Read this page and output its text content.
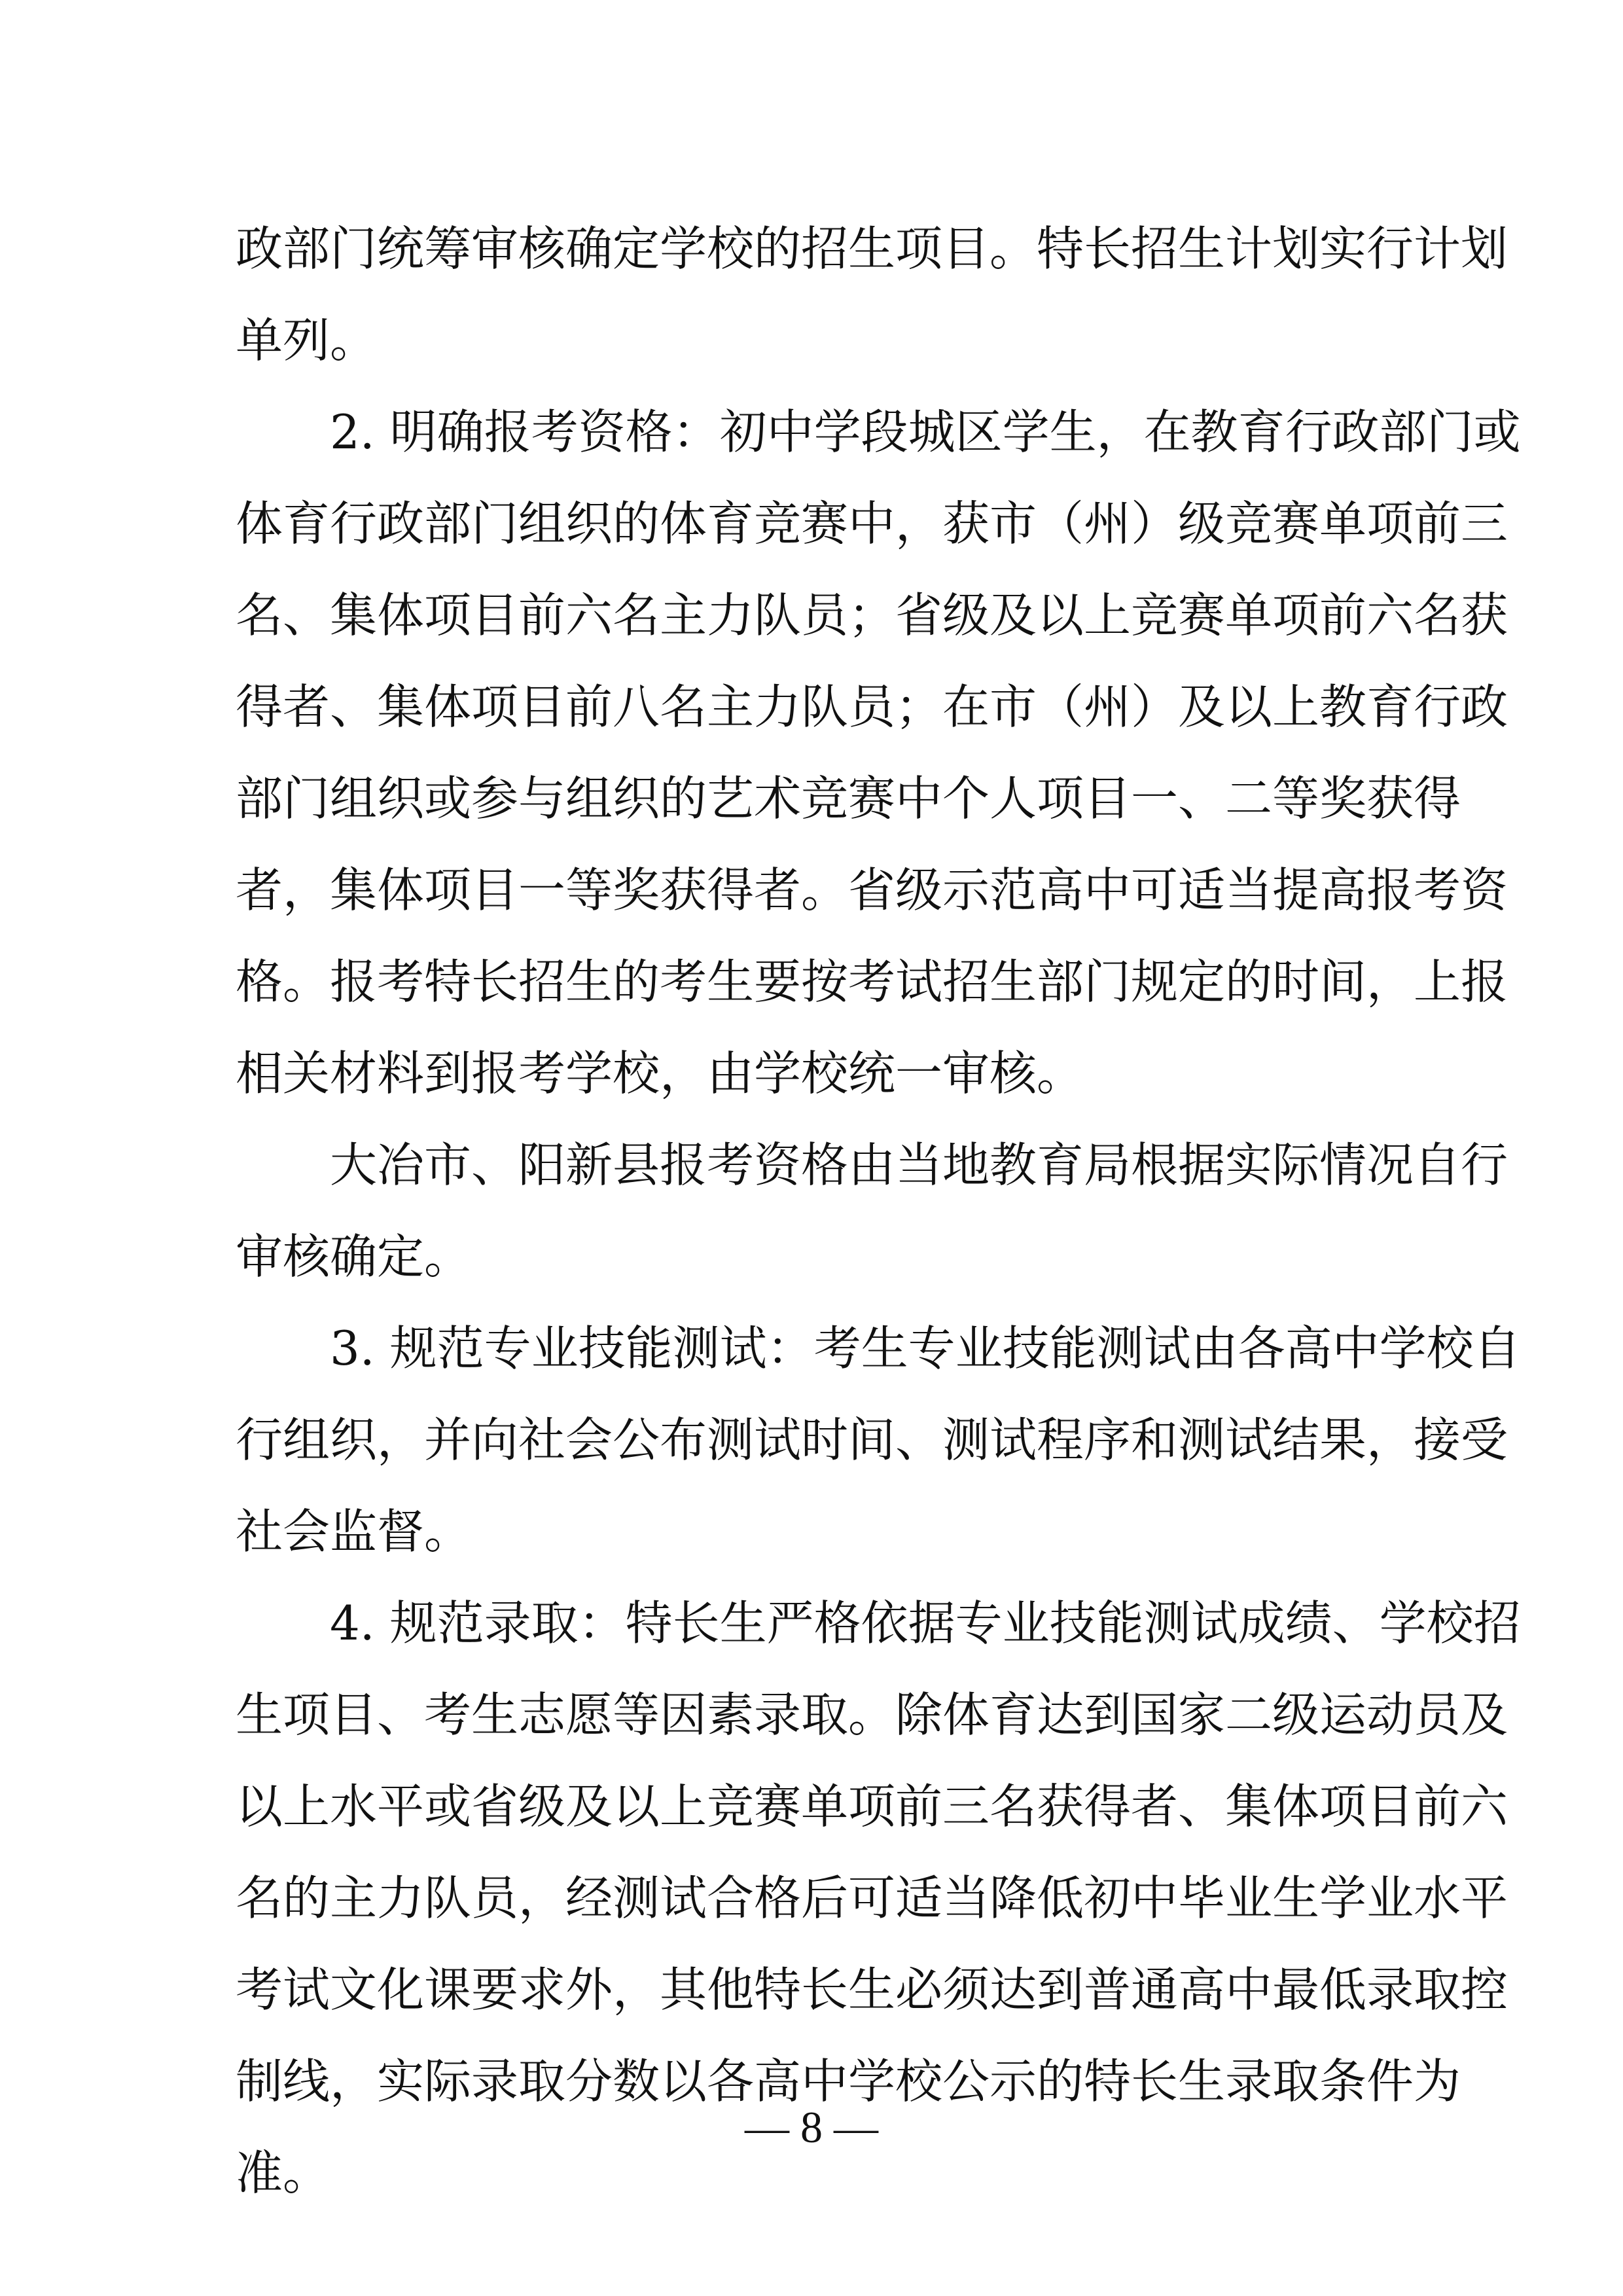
政部门统筹审核确定学校的招生项目。特长招生计划实行计划
单列。
　　2. 明确报考资格：初中学段城区学生，在教育行政部门或
体育行政部门组织的体育竞赛中，获市（州）级竞赛单项前三
名、集体项目前六名主力队员；省级及以上竞赛单项前六名获
得者、集体项目前八名主力队员；在市（州）及以上教育行政
部门组织或参与组织的艺术竞赛中个人项目一、二等奖获得
者，集体项目一等奖获得者。省级示范高中可适当提高报考资
格。报考特长招生的考生要按考试招生部门规定的时间，上报
相关材料到报考学校，由学校统一审核。
　　大冶市、阳新县报考资格由当地教育局根据实际情况自行
审核确定。
　　3. 规范专业技能测试：考生专业技能测试由各高中学校自
行组织，并向社会公布测试时间、测试程序和测试结果，接受
社会监督。
　　4. 规范录取：特长生严格依据专业技能测试成绩、学校招
生项目、考生志愿等因素录取。除体育达到国家二级运动员及
以上水平或省级及以上竞赛单项前三名获得者、集体项目前六
名的主力队员，经测试合格后可适当降低初中毕业生学业水平
考试文化课要求外，其他特长生必须达到普通高中最低录取控
制线，实际录取分数以各高中学校公示的特长生录取条件为
准。
— 8 —
